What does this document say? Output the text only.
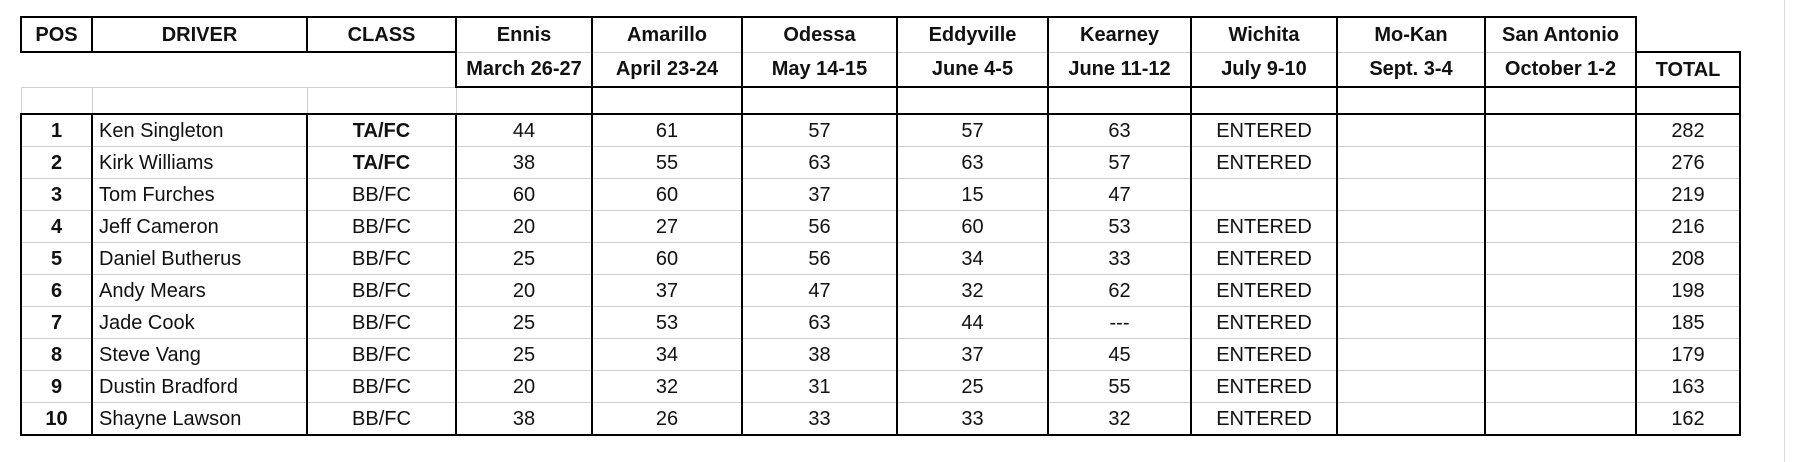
POS	DRIVER	CLASS	Ennis	Amarillo	Odessa	Eddyville	Kearney	Wichita	Mo-Kan	San Antonio	
			March 26-27	April 23-24	May 14-15	June 4-5	June 11-12	July 9-10	Sept. 3-4	October 1-2	TOTAL

1	Ken Singleton	TA/FC	44	61	57	57	63	ENTERED			282
2	Kirk Williams	TA/FC	38	55	63	63	57	ENTERED			276
3	Tom Furches	BB/FC	60	60	37	15	47				219
4	Jeff Cameron	BB/FC	20	27	56	60	53	ENTERED			216
5	Daniel Butherus	BB/FC	25	60	56	34	33	ENTERED			208
6	Andy Mears	BB/FC	20	37	47	32	62	ENTERED			198
7	Jade Cook	BB/FC	25	53	63	44	---	ENTERED			185
8	Steve Vang	BB/FC	25	34	38	37	45	ENTERED			179
9	Dustin Bradford	BB/FC	20	32	31	25	55	ENTERED			163
10	Shayne Lawson	BB/FC	38	26	33	33	32	ENTERED			162
